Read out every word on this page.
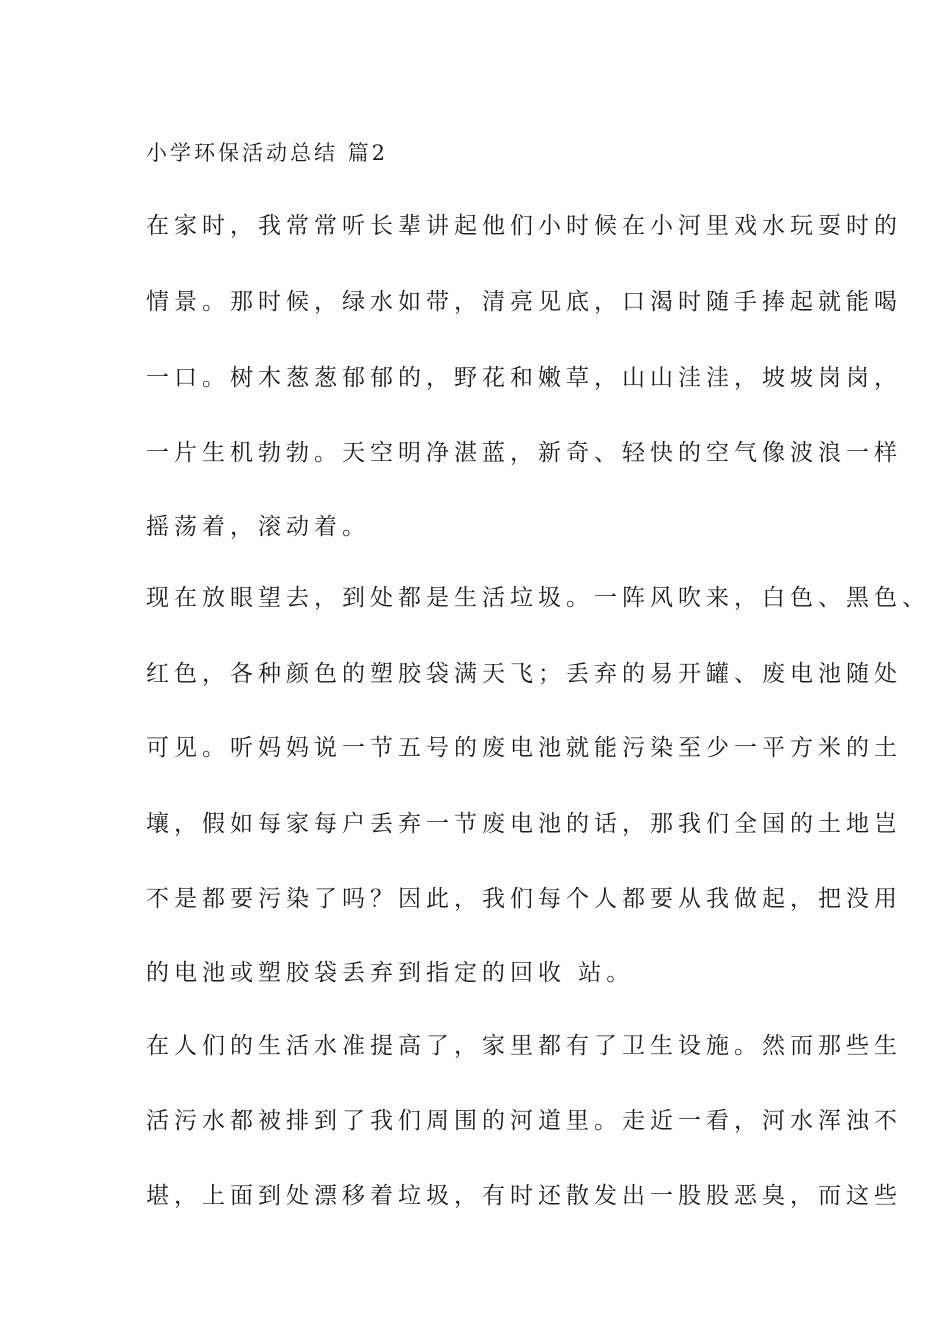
小学环保活动总结 篇2
在家时，我常常听长辈讲起他们小时候在小河里戏水玩耍时的
情景。那时候，绿水如带，清亮见底，口渴时随手捧起就能喝
一口。树木葱葱郁郁的，野花和嫩草，山山洼洼，坡坡岗岗，
一片生机勃勃。天空明净湛蓝，新奇、轻快的空气像波浪一样
摇荡着，滚动着。
现在放眼望去，到处都是生活垃圾。一阵风吹来，白色、黑色、
红色，各种颜色的塑胶袋满天飞；丢弃的易开罐、废电池随处
可见。听妈妈说一节五号的废电池就能污染至少一平方米的土
壤，假如每家每户丢弃一节废电池的话，那我们全国的土地岂
不是都要污染了吗？因此，我们每个人都要从我做起，把没用
的电池或塑胶袋丢弃到指定的回收 站。
在人们的生活水准提高了，家里都有了卫生设施。然而那些生
活污水都被排到了我们周围的河道里。走近一看，河水浑浊不
堪，上面到处漂移着垃圾，有时还散发出一股股恶臭，而这些
